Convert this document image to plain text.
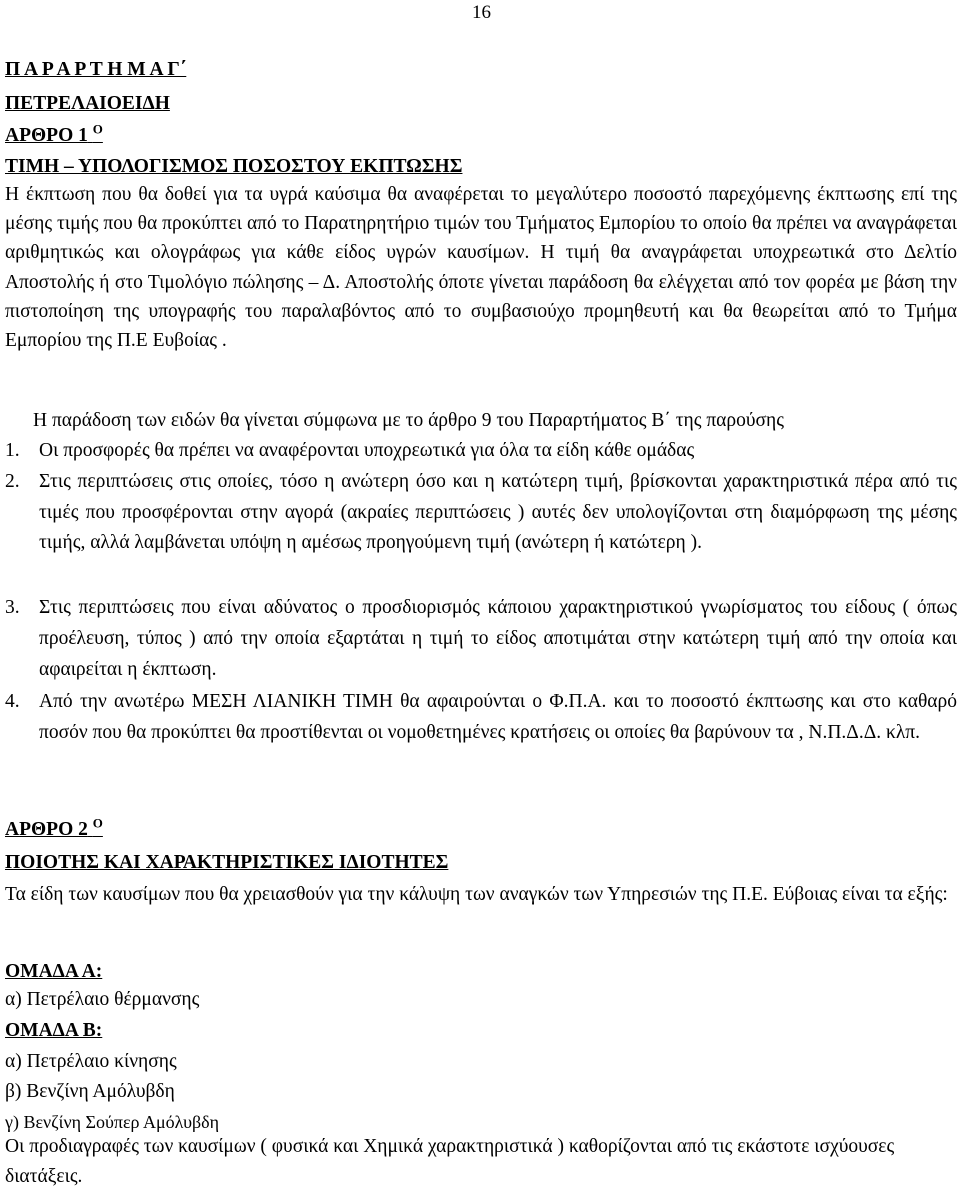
16
Π Α Ρ Α Ρ Τ Η Μ Α Γ΄
ΠΕΤΡΕΛΑΙΟΕΙΔΗ
ΑΡΘΡΟ 1 $^O$
ΤΙΜΗ – ΥΠΟΛΟΓΙΣΜΟΣ ΠΟΣΟΣΤΟΥ ΕΚΠΤΩΣΗΣ

Η έκπτωση που θα δοθεί για τα υγρά καύσιμα θα αναφέρεται το μεγαλύτερο ποσοστό παρεχόμενης έκπτωσης επί της μέσης τιμής που θα προκύπτει από το Παρατηρητήριο τιμών του Τμήματος Εμπορίου το οποίο θα πρέπει να αναγράφεται αριθμητικώς και ολογράφως για κάθε είδος υγρών καυσίμων. Η τιμή θα αναγράφεται υποχρεωτικά στο Δελτίο Αποστολής ή στο Τιμολόγιο πώλησης – Δ. Αποστολής όποτε γίνεται παράδοση θα ελέγχεται από τον φορέα με βάση την πιστοποίηση της υπογραφής του παραλαβόντος από το συμβασιούχο προμηθευτή και θα θεωρείται από το Τμήμα Εμπορίου της Π.Ε Ευβοίας .

Η παράδοση των ειδών θα γίνεται σύμφωνα με το άρθρο 9 του Παραρτήματος Β΄ της παρούσης

1. Οι προσφορές θα πρέπει να αναφέρονται υποχρεωτικά για όλα τα είδη κάθε ομάδας
2. Στις περιπτώσεις στις οποίες, τόσο η ανώτερη όσο και η κατώτερη τιμή, βρίσκονται χαρακτηριστικά πέρα από τις τιμές που προσφέρονται στην αγορά (ακραίες περιπτώσεις ) αυτές δεν υπολογίζονται στη διαμόρφωση της μέσης τιμής, αλλά λαμβάνεται υπόψη η αμέσως προηγούμενη τιμή (ανώτερη ή κατώτερη ).
3. Στις περιπτώσεις που είναι αδύνατος ο προσδιορισμός κάποιου χαρακτηριστικού γνωρίσματος του είδους ( όπως προέλευση, τύπος ) από την οποία εξαρτάται η τιμή το είδος αποτιμάται στην κατώτερη τιμή από την οποία και αφαιρείται η έκπτωση.
4. Από την ανωτέρω ΜΕΣΗ ΛΙΑΝΙΚΗ ΤΙΜΗ θα αφαιρούνται ο Φ.Π.Α. και το ποσοστό έκπτωσης και στο καθαρό ποσόν που θα προκύπτει θα προστίθενται οι νομοθετημένες κρατήσεις οι οποίες θα βαρύνουν τα , Ν.Π.Δ.Δ. κλπ.
ΑΡΘΡΟ 2 $^O$
ΠΟΙΟΤΗΣ ΚΑΙ ΧΑΡΑΚΤΗΡΙΣΤΙΚΕΣ ΙΔΙΟΤΗΤΕΣ

Τα είδη των καυσίμων που θα χρειασθούν για την κάλυψη των αναγκών των Υπηρεσιών της Π.Ε. Εύβοιας είναι τα εξής:

ΟΜΑΔΑ Α:
α) Πετρέλαιο θέρμανσης
ΟΜΑΔΑ Β:
α) Πετρέλαιο κίνησης
β) Βενζίνη Αμόλυβδη
γ) Βενζίνη Σούπερ Αμόλυβδη

Οι προδιαγραφές των καυσίμων ( φυσικά και Χημικά χαρακτηριστικά ) καθορίζονται από τις εκάστοτε ισχύουσες διατάξεις.
